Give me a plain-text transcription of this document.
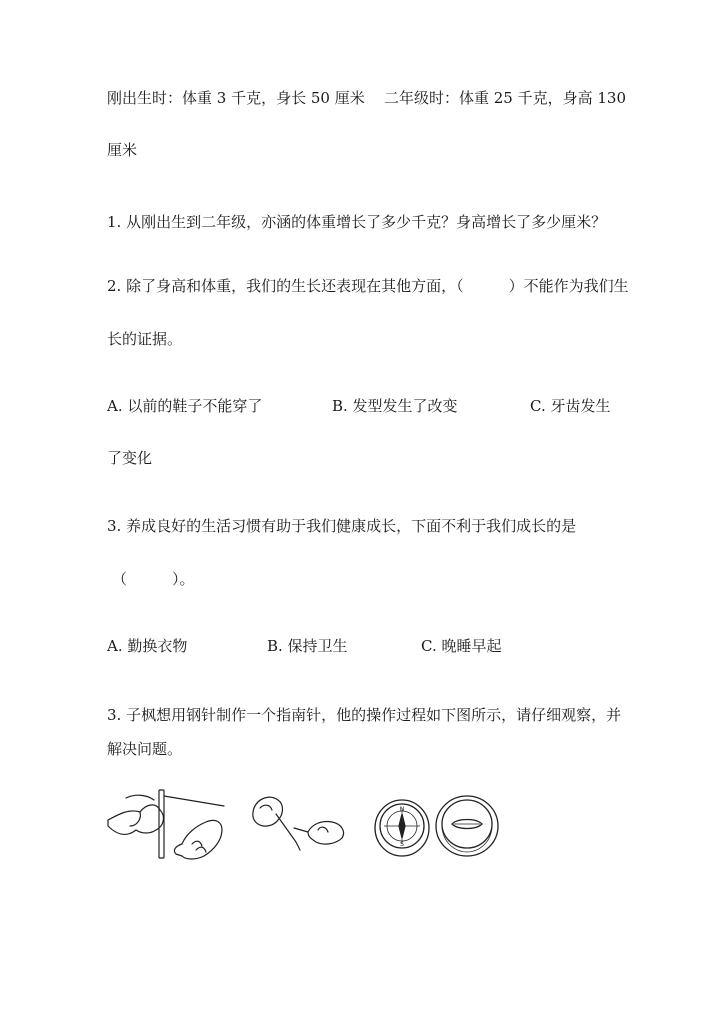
刚出生时：体重 3 千克，身长 50 厘米 二年级时：体重 25 千克，身高 130
厘米
1. 从刚出生到二年级，亦涵的体重增长了多少千克？身高增长了多少厘米？
2. 除了身高和体重，我们的生长还表现在其他方面，（　　　）不能作为我们生
长的证据。
A. 以前的鞋子不能穿了	B. 发型发生了改变	C. 牙齿发生
了变化
3. 养成良好的生活习惯有助于我们健康成长，下面不利于我们成长的是
（　　　）。
A. 勤换衣物	B. 保持卫生	C. 晚睡早起
3. 子枫想用钢针制作一个指南针，他的操作过程如下图所示，请仔细观察，并
解决问题。
N
S
